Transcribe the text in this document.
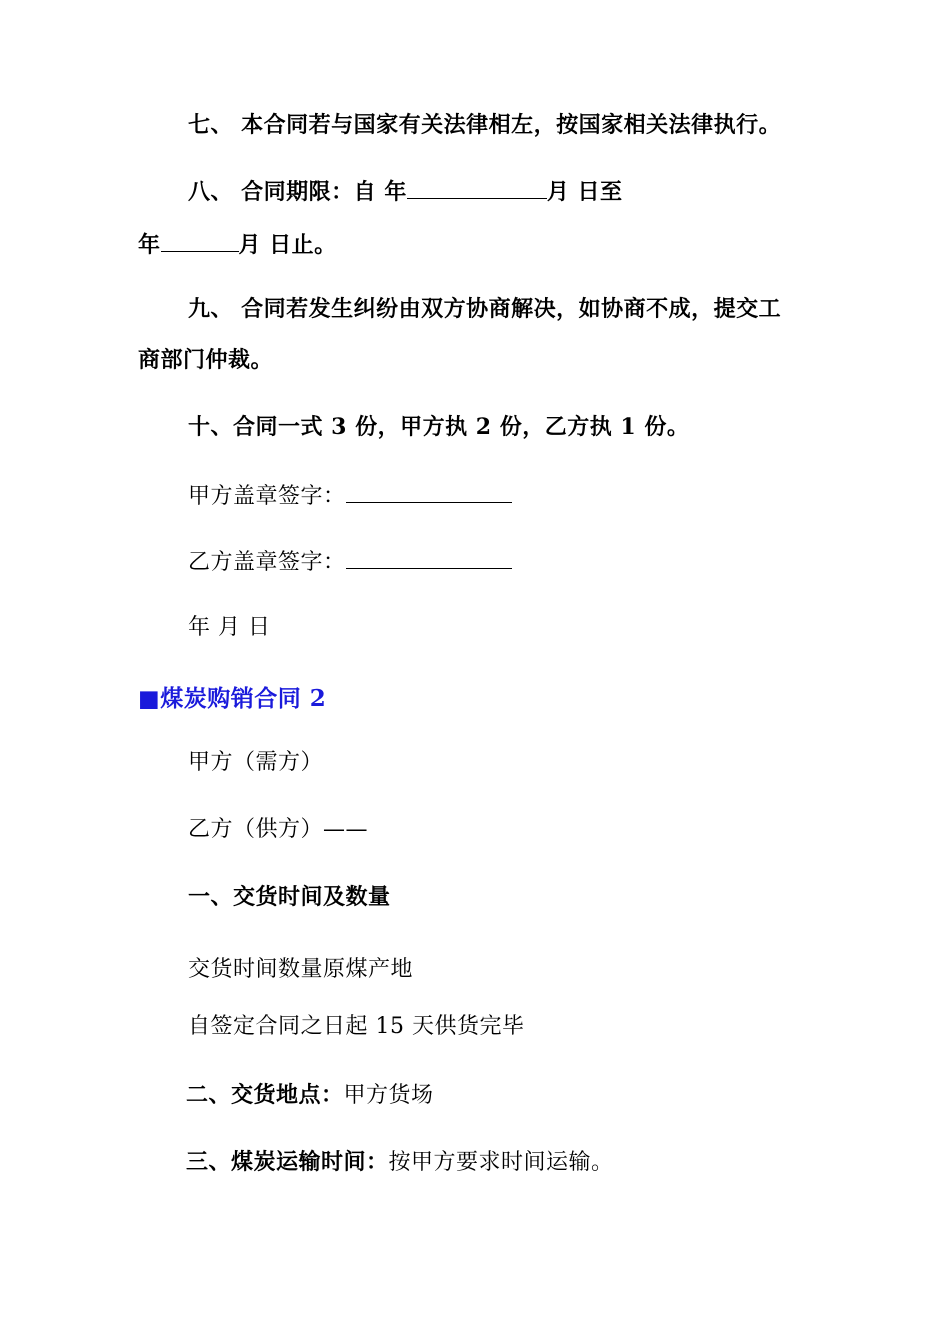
七、 本合同若与国家有关法律相左，按国家相关法律执行。
八、 合同期限：自 年	月 日至
年	月 日止。
九、 合同若发生纠纷由双方协商解决，如协商不成，提交工
商部门仲裁。
十、合同一式 3 份，甲方执 2 份，乙方执 1 份。
甲方盖章签字：
乙方盖章签字：
年 月 日
■煤炭购销合同 2
甲方（需方）
乙方（供方）——
一、交货时间及数量
交货时间数量原煤产地
自签定合同之日起 15 天供货完毕
二、交货地点：甲方货场
三、煤炭运输时间：按甲方要求时间运输。
